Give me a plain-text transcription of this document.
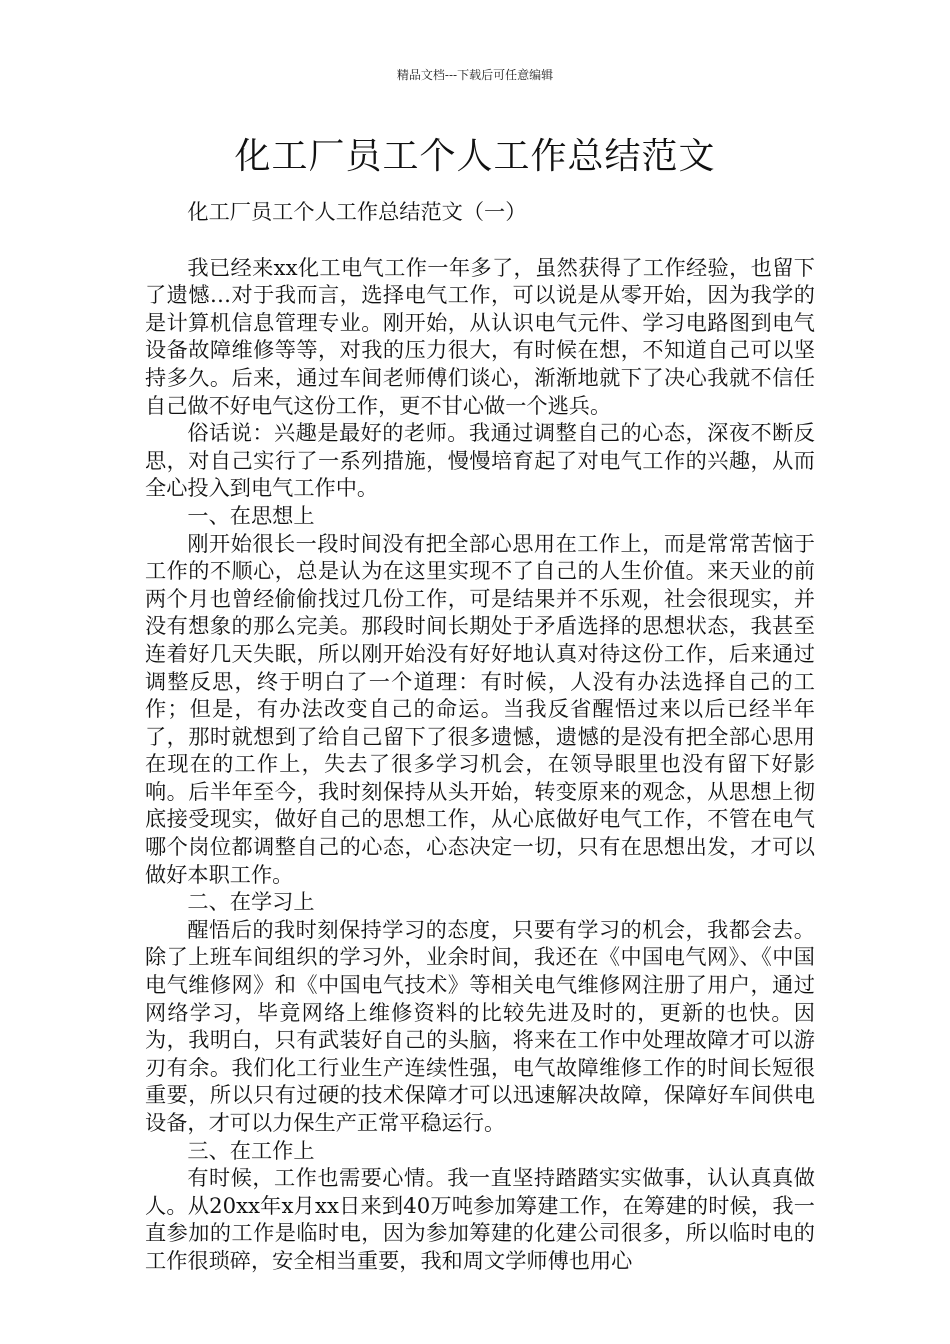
精品文档---下载后可任意编辑
化工厂员工个人工作总结范文

化工厂员工个人工作总结范文（一）

我已经来xx化工电气工作一年多了，虽然获得了工作经验，也留下了遗憾…对于我而言，选择电气工作，可以说是从零开始，因为我学的是计算机信息管理专业。刚开始，从认识电气元件、学习电路图到电气设备故障维修等等，对我的压力很大，有时候在想，不知道自己可以坚持多久。后来，通过车间老师傅们谈心，渐渐地就下了决心我就不信任自己做不好电气这份工作，更不甘心做一个逃兵。

俗话说：兴趣是最好的老师。我通过调整自己的心态，深夜不断反思，对自己实行了一系列措施，慢慢培育起了对电气工作的兴趣，从而全心投入到电气工作中。

一、在思想上

刚开始很长一段时间没有把全部心思用在工作上，而是常常苦恼于工作的不顺心，总是认为在这里实现不了自己的人生价值。来天业的前两个月也曾经偷偷找过几份工作，可是结果并不乐观，社会很现实，并没有想象的那么完美。那段时间长期处于矛盾选择的思想状态，我甚至连着好几天失眠，所以刚开始没有好好地认真对待这份工作，后来通过调整反思，终于明白了一个道理：有时候，人没有办法选择自己的工作；但是，有办法改变自己的命运。当我反省醒悟过来以后已经半年了，那时就想到了给自己留下了很多遗憾，遗憾的是没有把全部心思用在现在的工作上，失去了很多学习机会，在领导眼里也没有留下好影响。后半年至今，我时刻保持从头开始，转变原来的观念，从思想上彻底接受现实，做好自己的思想工作，从心底做好电气工作，不管在电气哪个岗位都调整自己的心态，心态决定一切，只有在思想出发，才可以做好本职工作。

二、在学习上

醒悟后的我时刻保持学习的态度，只要有学习的机会，我都会去。除了上班车间组织的学习外，业余时间，我还在《中国电气网》、《中国电气维修网》和《中国电气技术》等相关电气维修网注册了用户，通过网络学习，毕竟网络上维修资料的比较先进及时的，更新的也快。因为，我明白，只有武装好自己的头脑，将来在工作中处理故障才可以游刃有余。我们化工行业生产连续性强，电气故障维修工作的时间长短很重要，所以只有过硬的技术保障才可以迅速解决故障，保障好车间供电设备，才可以力保生产正常平稳运行。

三、在工作上

有时候，工作也需要心情。我一直坚持踏踏实实做事，认认真真做人。从20xx年x月xx日来到40万吨参加筹建工作，在筹建的时候，我一直参加的工作是临时电，因为参加筹建的化建公司很多，所以临时电的工作很琐碎，安全相当重要，我和周文学师傅也用心
